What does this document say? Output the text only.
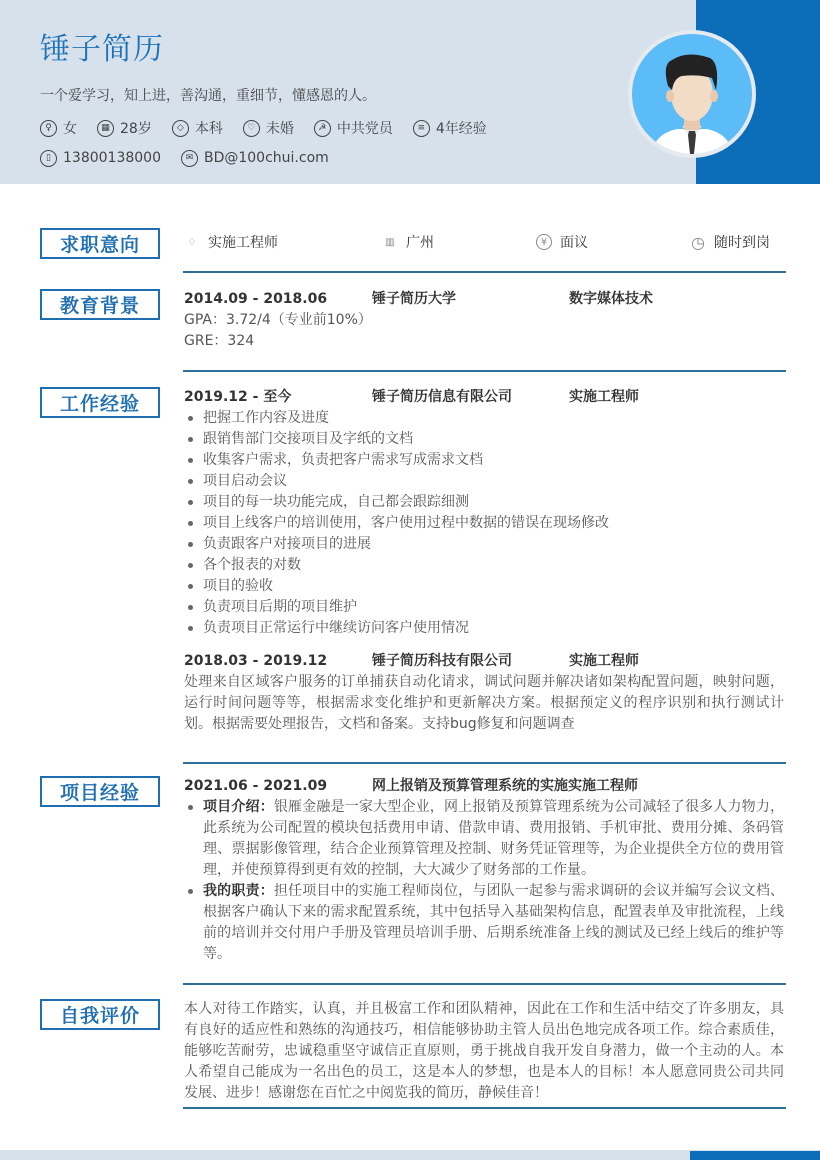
锤子简历
一个爱学习，知上进，善沟通，重细节，懂感恩的人。
♀ 女	▦ 28岁	◇ 本科	♡ 未婚	☭ 中共党员	≡ 4年经验
▯ 13800138000	✉ BD@100chui.com
求职意向	♢ 实施工程师	▥ 广州	¥ 面议	◷ 随时到岗
教育背景	2014.09 - 2018.06	锤子简历大学	数字媒体技术
GPA：3.72/4（专业前10%）
GRE：324
工作经验	2019.12 - 至今	锤子简历信息有限公司	实施工程师
把握工作内容及进度
跟销售部门交接项目及字纸的文档
收集客户需求，负责把客户需求写成需求文档
项目启动会议
项目的每一块功能完成，自己都会跟踪细测
项目上线客户的培训使用，客户使用过程中数据的错误在现场修改
负责跟客户对接项目的进展
各个报表的对数
项目的验收
负责项目后期的项目维护
负责项目正常运行中继续访问客户使用情况
2018.03 - 2019.12	锤子简历科技有限公司	实施工程师
处理来自区域客户服务的订单捕获自动化请求，调试问题并解决诸如架构配置问题，映射问题，运行时间问题等等，根据需求变化维护和更新解决方案。根据预定义的程序识别和执行测试计划。根据需要处理报告，文档和备案。支持bug修复和问题调查
项目经验	2021.06 - 2021.09	网上报销及预算管理系统的实施实施工程师
项目介绍：银雁金融是一家大型企业，网上报销及预算管理系统为公司减轻了很多人力物力，此系统为公司配置的模块包括费用申请、借款申请、费用报销、手机审批、费用分摊、条码管理、票据影像管理，结合企业预算管理及控制、财务凭证管理等，为企业提供全方位的费用管理，并使预算得到更有效的控制，大大减少了财务部的工作量。
我的职责：担任项目中的实施工程师岗位，与团队一起参与需求调研的会议并编写会议文档、根据客户确认下来的需求配置系统，其中包括导入基础架构信息，配置表单及审批流程，上线前的培训并交付用户手册及管理员培训手册、后期系统准备上线的测试及已经上线后的维护等等。
自我评价	本人对待工作踏实，认真，并且极富工作和团队精神，因此在工作和生活中结交了许多朋友，具有良好的适应性和熟练的沟通技巧，相信能够协助主管人员出色地完成各项工作。综合素质佳，能够吃苦耐劳，忠诚稳重坚守诚信正直原则，勇于挑战自我开发自身潜力，做一个主动的人。本人希望自己能成为一名出色的员工，这是本人的梦想，也是本人的目标！本人愿意同贵公司共同发展、进步！感谢您在百忙之中阅览我的简历，静候佳音！
